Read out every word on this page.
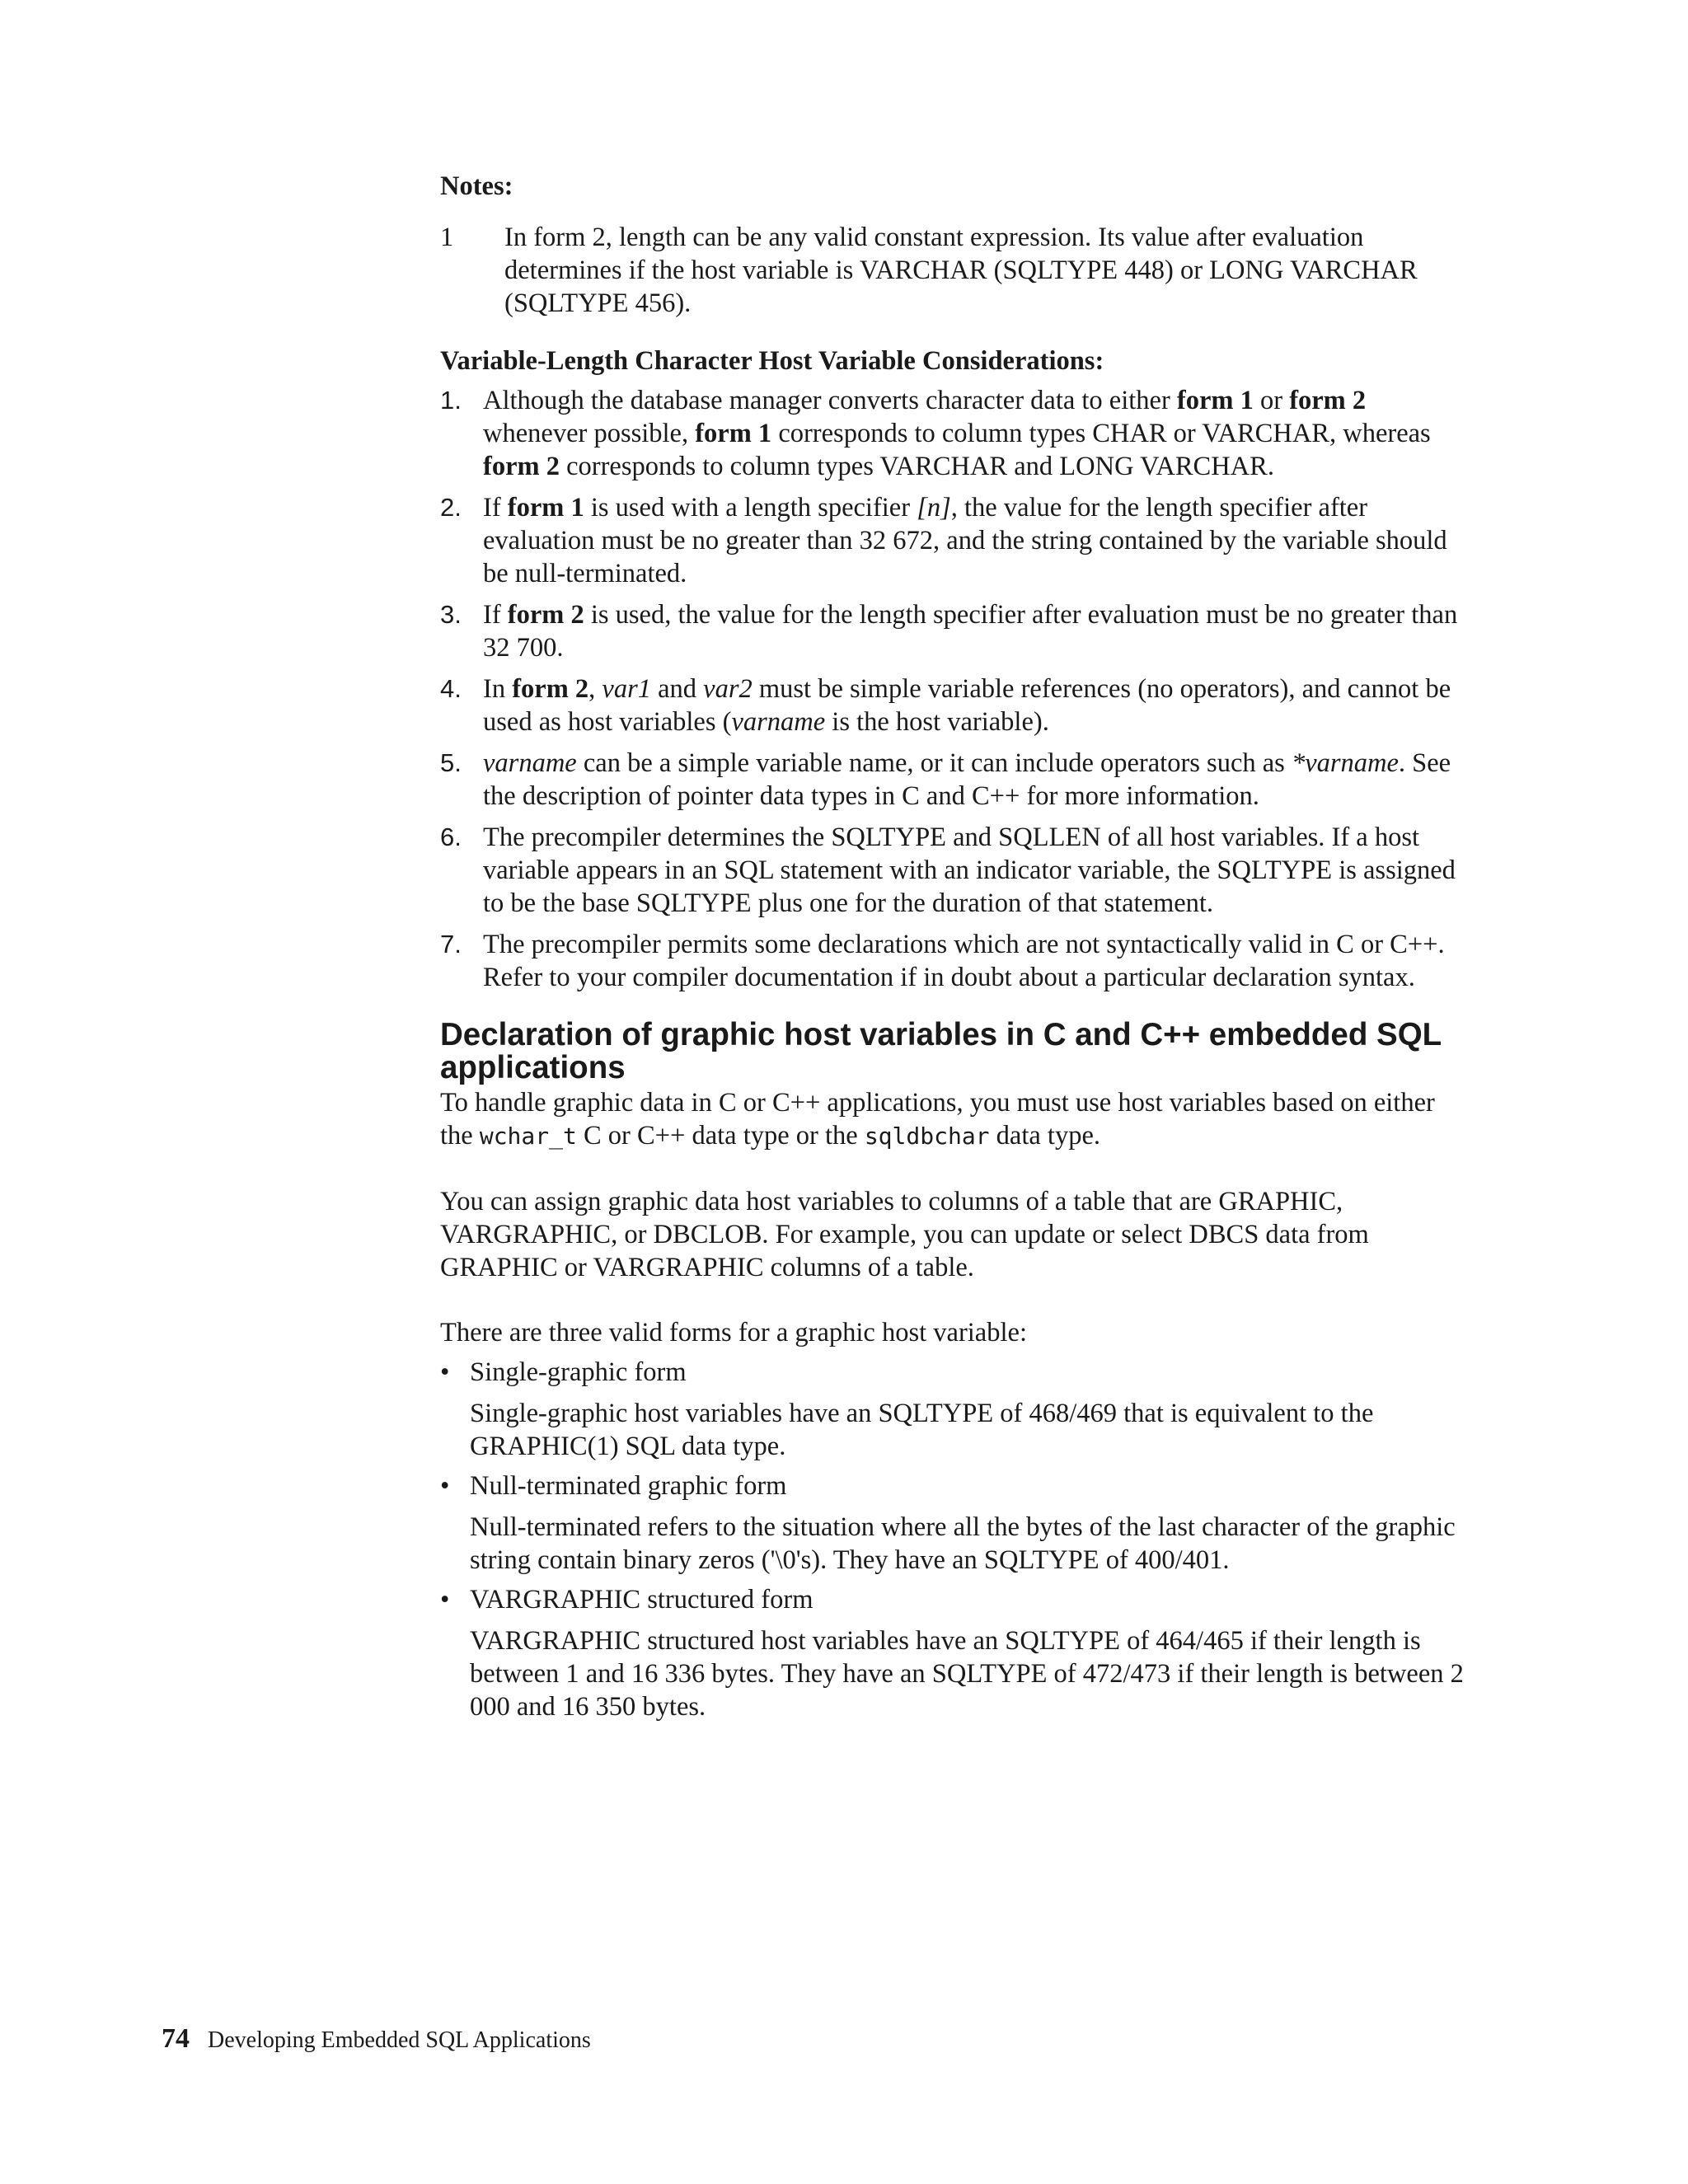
Notes:
1	In form 2, length can be any valid constant expression. Its value after evaluation determines if the host variable is VARCHAR (SQLTYPE 448) or LONG VARCHAR (SQLTYPE 456).
Variable-Length Character Host Variable Considerations:
1. Although the database manager converts character data to either form 1 or form 2 whenever possible, form 1 corresponds to column types CHAR or VARCHAR, whereas form 2 corresponds to column types VARCHAR and LONG VARCHAR.
2. If form 1 is used with a length specifier [n], the value for the length specifier after evaluation must be no greater than 32 672, and the string contained by the variable should be null-terminated.
3. If form 2 is used, the value for the length specifier after evaluation must be no greater than 32 700.
4. In form 2, var1 and var2 must be simple variable references (no operators), and cannot be used as host variables (varname is the host variable).
5. varname can be a simple variable name, or it can include operators such as *varname. See the description of pointer data types in C and C++ for more information.
6. The precompiler determines the SQLTYPE and SQLLEN of all host variables. If a host variable appears in an SQL statement with an indicator variable, the SQLTYPE is assigned to be the base SQLTYPE plus one for the duration of that statement.
7. The precompiler permits some declarations which are not syntactically valid in C or C++. Refer to your compiler documentation if in doubt about a particular declaration syntax.
Declaration of graphic host variables in C and C++ embedded SQL applications

To handle graphic data in C or C++ applications, you must use host variables based on either the wchar_t C or C++ data type or the sqldbchar data type.

You can assign graphic data host variables to columns of a table that are GRAPHIC, VARGRAPHIC, or DBCLOB. For example, you can update or select DBCS data from GRAPHIC or VARGRAPHIC columns of a table.

There are three valid forms for a graphic host variable:

• Single-graphic form
Single-graphic host variables have an SQLTYPE of 468/469 that is equivalent to the GRAPHIC(1) SQL data type.
• Null-terminated graphic form
Null-terminated refers to the situation where all the bytes of the last character of the graphic string contain binary zeros ('\0's). They have an SQLTYPE of 400/401.
• VARGRAPHIC structured form
VARGRAPHIC structured host variables have an SQLTYPE of 464/465 if their length is between 1 and 16 336 bytes. They have an SQLTYPE of 472/473 if their length is between 2 000 and 16 350 bytes.
74 Developing Embedded SQL Applications
